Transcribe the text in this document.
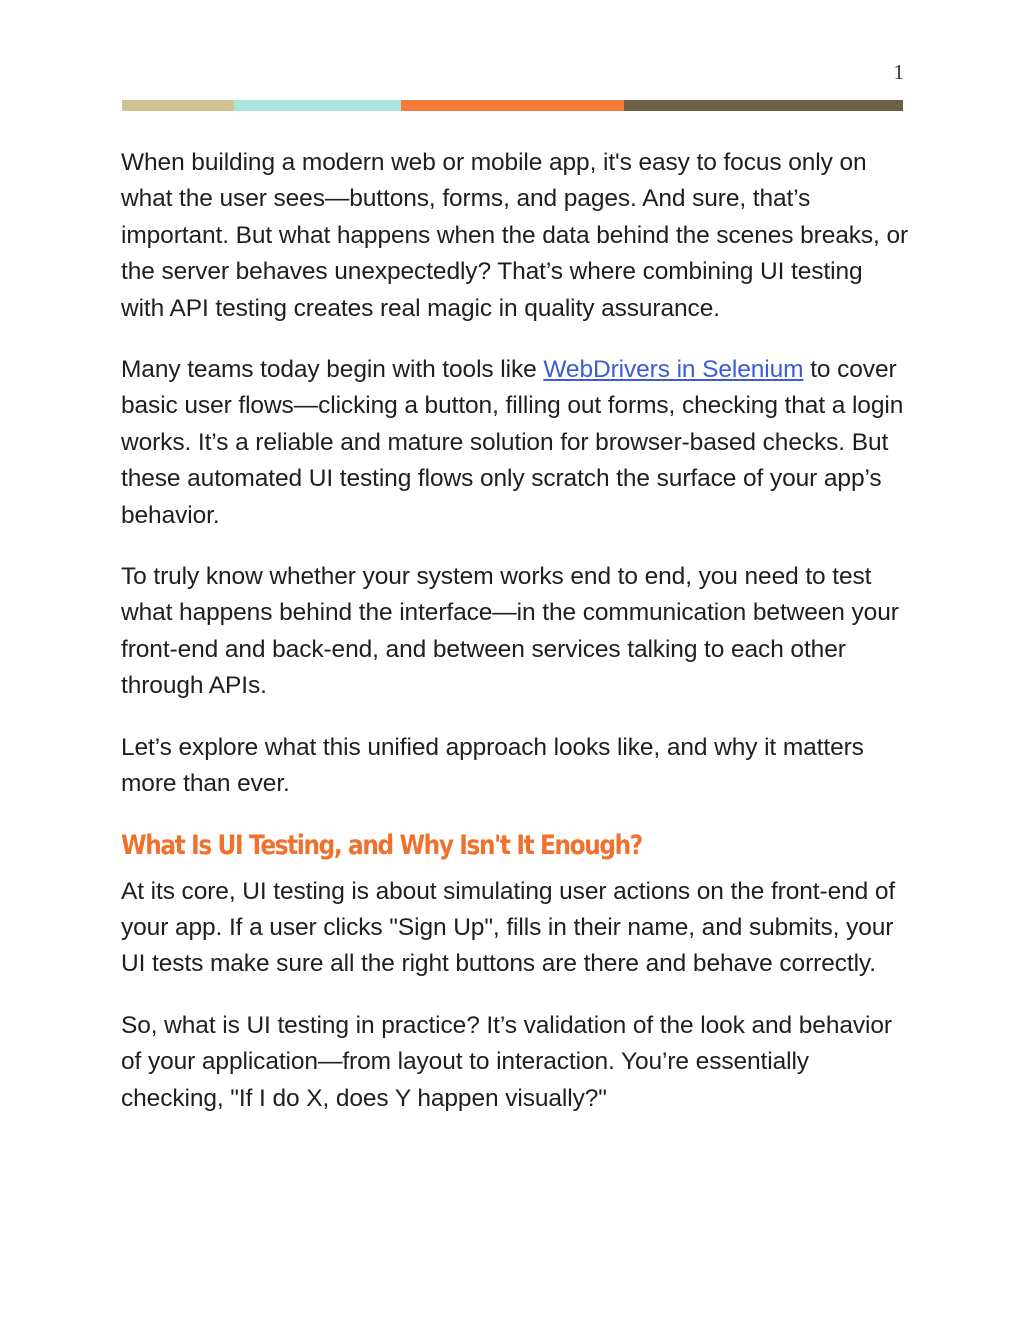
1

When building a modern web or mobile app, it's easy to focus only on what the user sees—buttons, forms, and pages. And sure, that’s important. But what happens when the data behind the scenes breaks, or the server behaves unexpectedly? That’s where combining UI testing with API testing creates real magic in quality assurance.

Many teams today begin with tools like WebDrivers in Selenium to cover basic user flows—clicking a button, filling out forms, checking that a login works. It’s a reliable and mature solution for browser-based checks. But these automated UI testing flows only scratch the surface of your app’s behavior.

To truly know whether your system works end to end, you need to test what happens behind the interface—in the communication between your front-end and back-end, and between services talking to each other through APIs.

Let’s explore what this unified approach looks like, and why it matters more than ever.

What Is UI Testing, and Why Isn't It Enough?

At its core, UI testing is about simulating user actions on the front-end of your app. If a user clicks "Sign Up", fills in their name, and submits, your UI tests make sure all the right buttons are there and behave correctly.

So, what is UI testing in practice? It’s validation of the look and behavior of your application—from layout to interaction. You’re essentially checking, "If I do X, does Y happen visually?"
